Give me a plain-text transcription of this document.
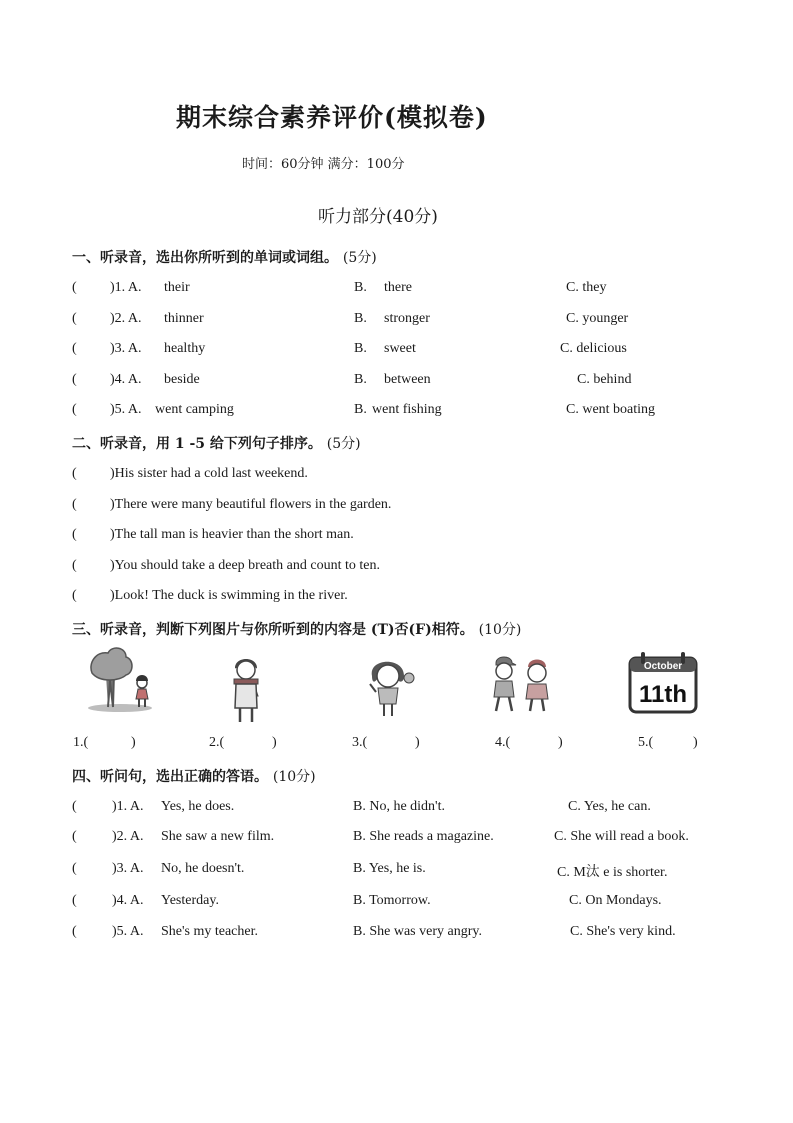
期末综合素养评价(模拟卷)
时间：60分钟 满分：100分
听力部分(40分)
一、听录音，选出你所听到的单词或词组。 (5分)
( )1. A. their	B. there	C. they
( )2. A. thinner	B. stronger	C. younger
( )3. A. healthy	B. sweet	C. delicious
( )4. A. beside	B. between	C. behind
( )5. A. went camping	B. went fishing	C. went boating
二、听录音，用 1 -5 给下列句子排序。 (5分)
( )His sister had a cold last weekend.
( )There were many beautiful flowers in the garden.
( )The tall man is heavier than the short man.
( )You should take a deep breath and count to ten.
( )Look! The duck is swimming in the river.
三、听录音，判断下列图片与你所听到的内容是 (T)否(F)相符。 (10分)
October
11th
1.(	)	2.(	)	3.(	)	4.(	)	5.(	)
四、听问句，选出正确的答语。 (10分)
(	)1. A. Yes, he does.	B. No, he didn't.	C. Yes, he can.
(	)2. A. She saw a new film.	B. She reads a magazine.	C. She will read a book.
(	)3. A. No, he doesn't.	B. Yes, he is.	C. M汰 e is shorter.
(	)4. A. Yesterday.	B. Tomorrow.	C. On Mondays.
(	)5. A. She's my teacher.	B. She was very angry.	C. She's very kind.
